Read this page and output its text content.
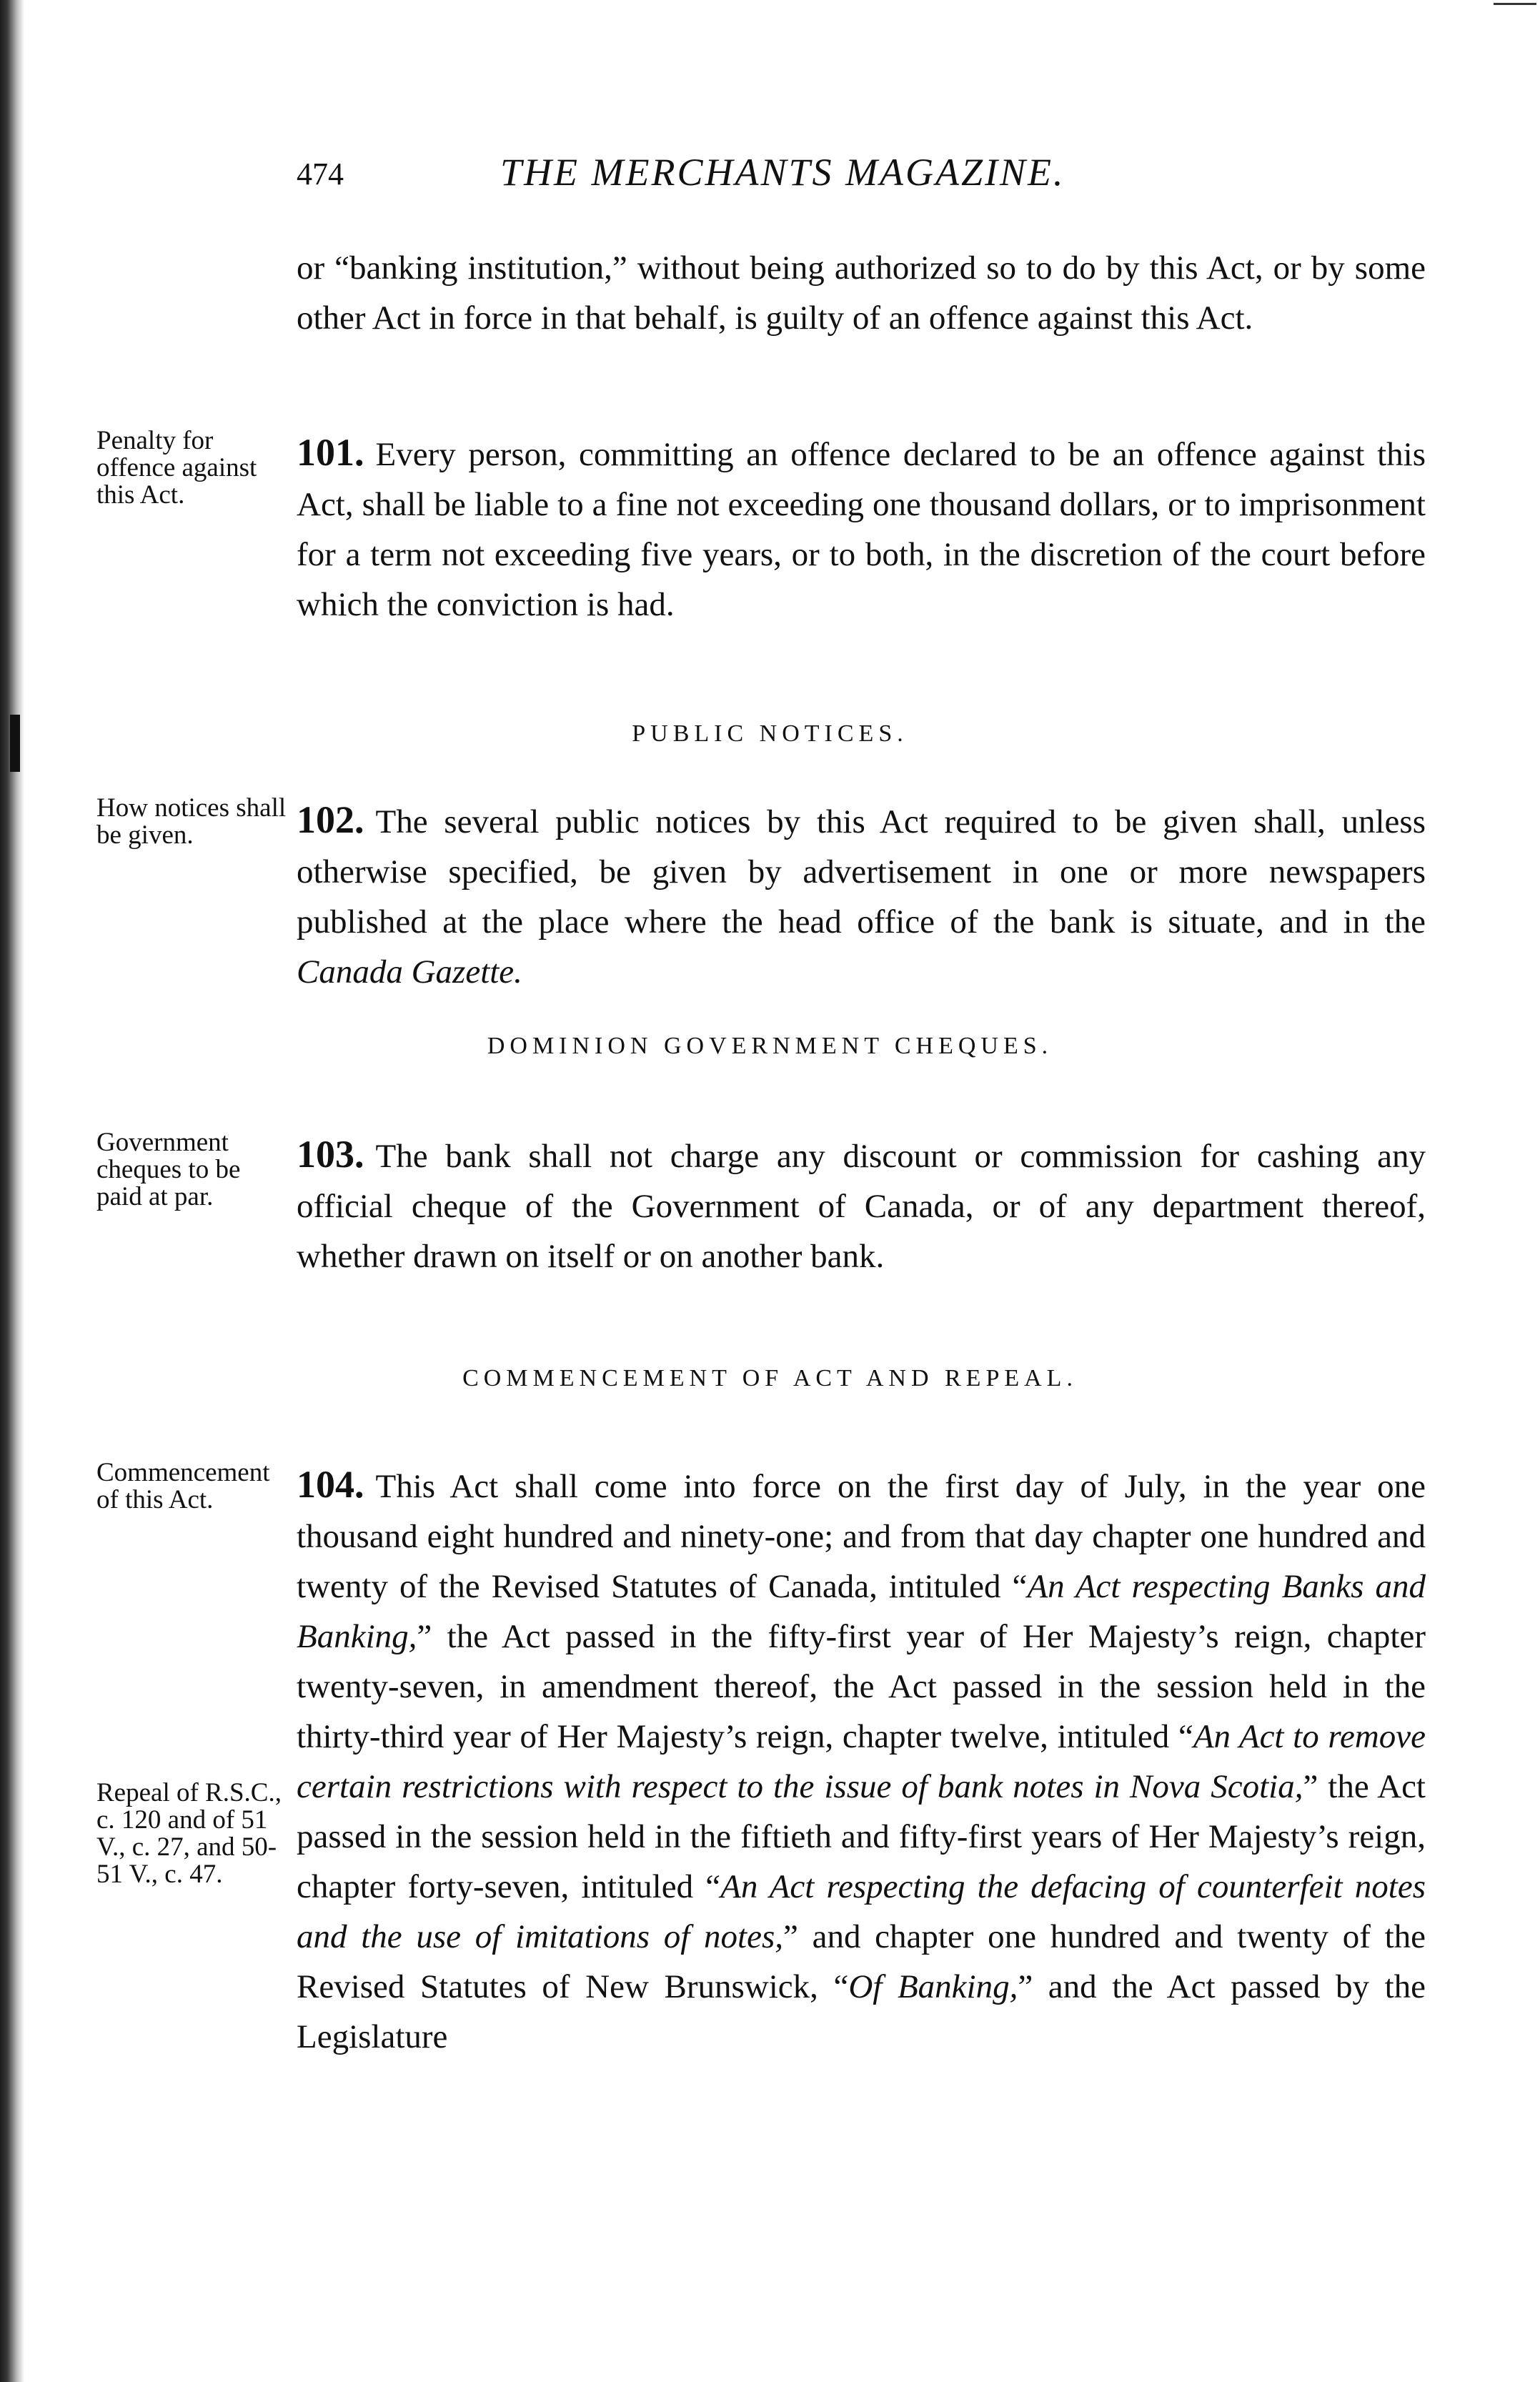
474	THE MERCHANTS MAGAZINE.
or “banking institution,” without being authorized so to do by this Act, or by some other Act in force in that behalf, is guilty of an offence against this Act.
Penalty for offence against this Act.
101. Every person, committing an offence declared to be an offence against this Act, shall be liable to a fine not exceeding one thousand dollars, or to imprisonment for a term not exceeding five years, or to both, in the discretion of the court before which the conviction is had.
PUBLIC NOTICES.
How notices shall be given.	102. The several public notices by this Act required to be given shall, unless otherwise specified, be given by advertisement in one or more newspapers published at the place where the head office of the bank is situate, and in the Canada Gazette.
DOMINION GOVERNMENT CHEQUES.
Government cheques to be paid at par.
103. The bank shall not charge any discount or commission for cashing any official cheque of the Government of Canada, or of any department thereof, whether drawn on itself or on another bank.
COMMENCEMENT OF ACT AND REPEAL.
Commencement of this Act.
Repeal of R.S.C., c. 120 and of 51 V., c. 27, and 50-51 V., c. 47.
104. This Act shall come into force on the first day of July, in the year one thousand eight hundred and ninety-one; and from that day chapter one hundred and twenty of the Revised Statutes of Canada, intituled “An Act respecting Banks and Banking,” the Act passed in the fifty-first year of Her Majesty’s reign, chapter twenty-seven, in amendment thereof, the Act passed in the session held in the thirty-third year of Her Majesty’s reign, chapter twelve, intituled “An Act to remove certain restrictions with respect to the issue of bank notes in Nova Scotia,” the Act passed in the session held in the fiftieth and fifty-first years of Her Majesty’s reign, chapter forty-seven, intituled “An Act respecting the defacing of counterfeit notes and the use of imitations of notes,” and chapter one hundred and twenty of the Revised Statutes of New Brunswick, “Of Banking,” and the Act passed by the Legislature
